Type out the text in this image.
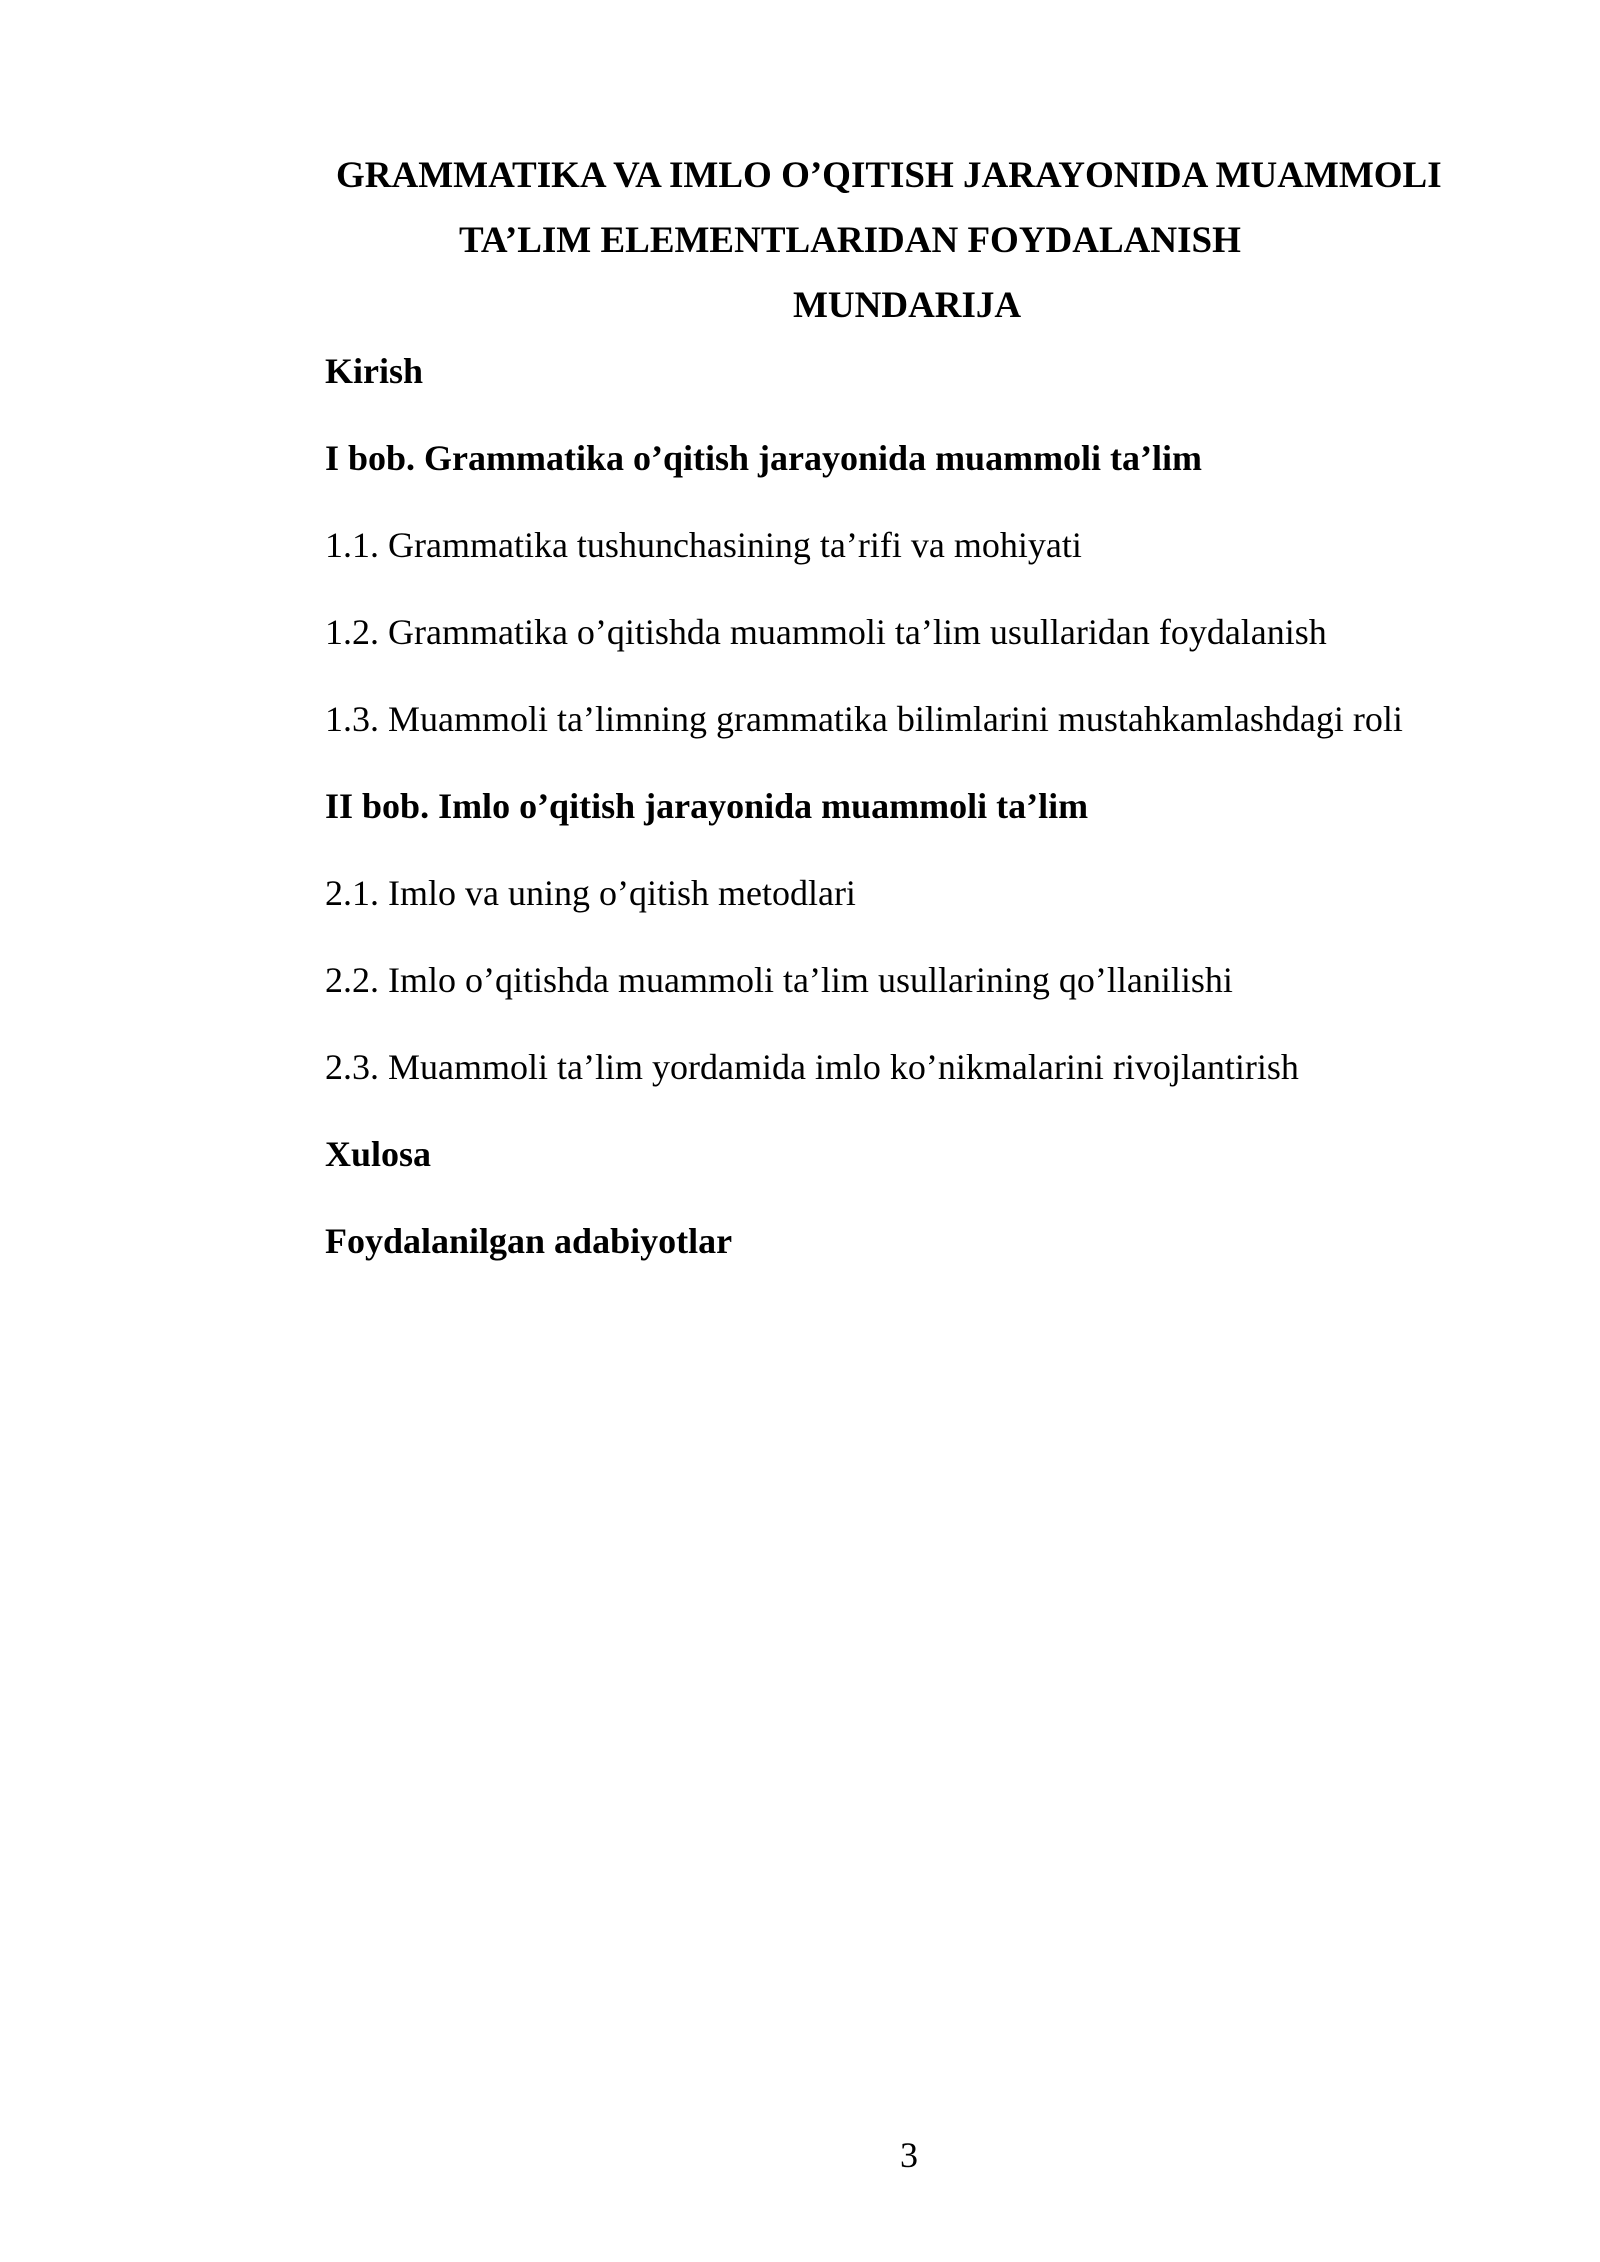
GRAMMATIKA VA IMLO O’QITISH JARAYONIDA MUAMMOLI
TA’LIM ELEMENTLARIDAN FOYDALANISH
MUNDARIJA
Kirish
I bob. Grammatika o’qitish jarayonida muammoli ta’lim
1.1. Grammatika tushunchasining ta’rifi va mohiyati
1.2. Grammatika o’qitishda muammoli ta’lim usullaridan foydalanish
1.3. Muammoli ta’limning grammatika bilimlarini mustahkamlashdagi roli
II bob. Imlo o’qitish jarayonida muammoli ta’lim
2.1. Imlo va uning o’qitish metodlari
2.2. Imlo o’qitishda muammoli ta’lim usullarining qo’llanilishi
2.3. Muammoli ta’lim yordamida imlo ko’nikmalarini rivojlantirish
Xulosa
Foydalanilgan adabiyotlar
3
